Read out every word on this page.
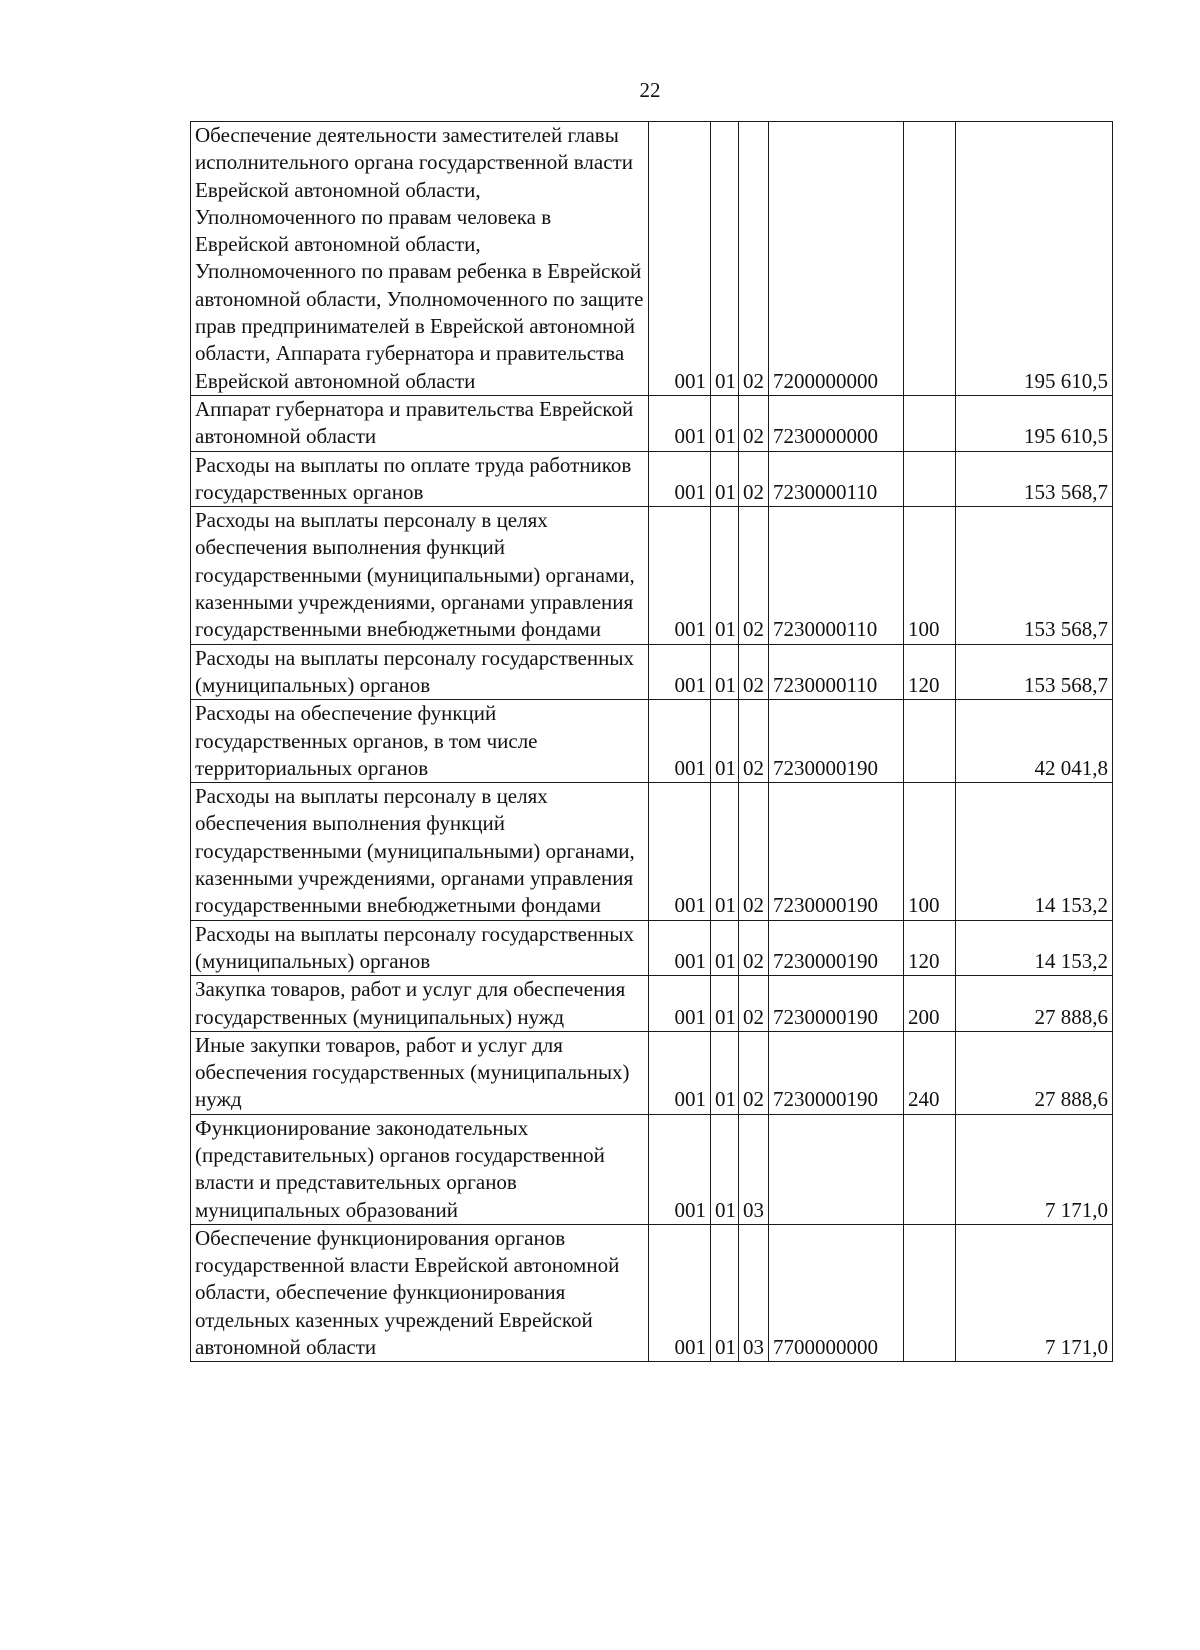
22
Обеспечение деятельности заместителей главы исполнительного органа государственной власти Еврейской автономной области, Уполномоченного по правам человека в Еврейской автономной области, Уполномоченного по правам ребенка в Еврейской автономной области, Уполномоченного по защите прав предпринимателей в Еврейской автономной области, Аппарата губернатора и правительства Еврейской автономной области	001	01	02	7200000000		195 610,5
Аппарат губернатора и правительства Еврейской автономной области	001	01	02	7230000000		195 610,5
Расходы на выплаты по оплате труда работников государственных органов	001	01	02	7230000110		153 568,7
Расходы на выплаты персоналу в целях обеспечения выполнения функций государственными (муниципальными) органами, казенными учреждениями, органами управления государственными внебюджетными фондами	001	01	02	7230000110	100	153 568,7
Расходы на выплаты персоналу государственных (муниципальных) органов	001	01	02	7230000110	120	153 568,7
Расходы на обеспечение функций государственных органов, в том числе территориальных органов	001	01	02	7230000190		42 041,8
Расходы на выплаты персоналу в целях обеспечения выполнения функций государственными (муниципальными) органами, казенными учреждениями, органами управления государственными внебюджетными фондами	001	01	02	7230000190	100	14 153,2
Расходы на выплаты персоналу государственных (муниципальных) органов	001	01	02	7230000190	120	14 153,2
Закупка товаров, работ и услуг для обеспечения государственных (муниципальных) нужд	001	01	02	7230000190	200	27 888,6
Иные закупки товаров, работ и услуг для обеспечения государственных (муниципальных) нужд	001	01	02	7230000190	240	27 888,6
Функционирование законодательных (представительных) органов государственной власти и представительных органов муниципальных образований	001	01	03			7 171,0
Обеспечение функционирования органов государственной власти Еврейской автономной области, обеспечение функционирования отдельных казенных учреждений Еврейской автономной области	001	01	03	7700000000		7 171,0
